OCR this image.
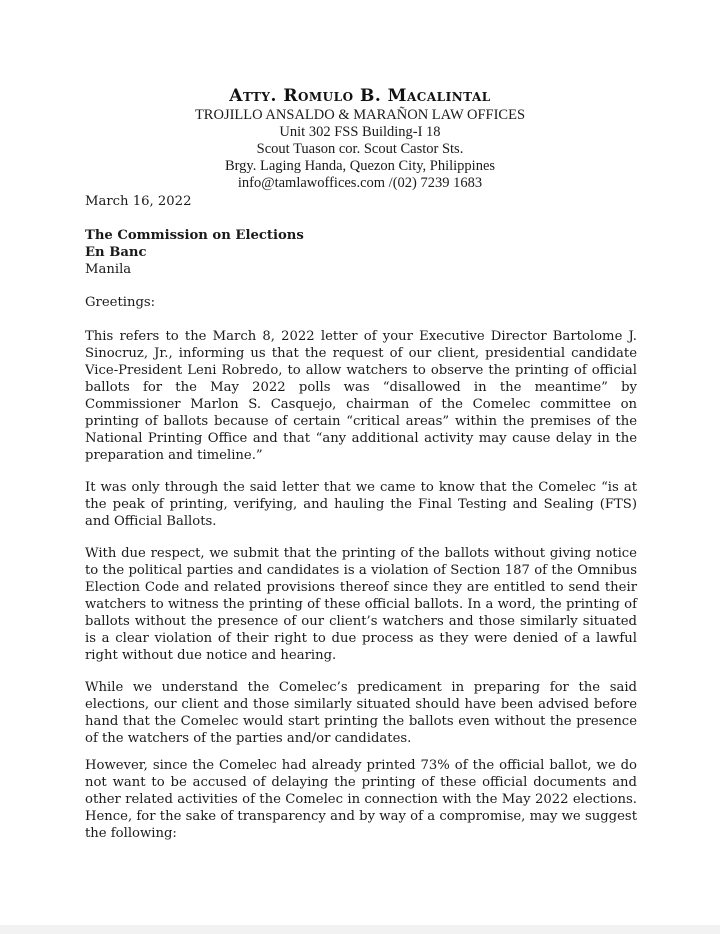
Atty. Romulo B. Macalintal
TROJILLO ANSALDO & MARAÑON LAW OFFICES
Unit 302 FSS Building-I 18
Scout Tuason cor. Scout Castor Sts.
Brgy. Laging Handa, Quezon City, Philippines
info@tamlawoffices.com /(02) 7239 1683
March 16, 2022
The Commission on Elections
En Banc
Manila
Greetings:

This refers to the March 8, 2022 letter of your Executive Director Bartolome J. Sinocruz, Jr., informing us that the request of our client, presidential candidate Vice-President Leni Robredo, to allow watchers to observe the printing of official ballots for the May 2022 polls was “disallowed in the meantime” by Commissioner Marlon S. Casquejo, chairman of the Comelec committee on printing of ballots because of certain “critical areas” within the premises of the National Printing Office and that “any additional activity may cause delay in the preparation and timeline.”

It was only through the said letter that we came to know that the Comelec “is at the peak of printing, verifying, and hauling the Final Testing and Sealing (FTS) and Official Ballots.

With due respect, we submit that the printing of the ballots without giving notice to the political parties and candidates is a violation of Section 187 of the Omnibus Election Code and related provisions thereof since they are entitled to send their watchers to witness the printing of these official ballots. In a word, the printing of ballots without the presence of our client’s watchers and those similarly situated is a clear violation of their right to due process as they were denied of a lawful right without due notice and hearing.

While we understand the Comelec’s predicament in preparing for the said elections, our client and those similarly situated should have been advised before hand that the Comelec would start printing the ballots even without the presence of the watchers of the parties and/or candidates.

However, since the Comelec had already printed 73% of the official ballot, we do not want to be accused of delaying the printing of these official documents and other related activities of the Comelec in connection with the May 2022 elections. Hence, for the sake of transparency and by way of a compromise, may we suggest the following:
